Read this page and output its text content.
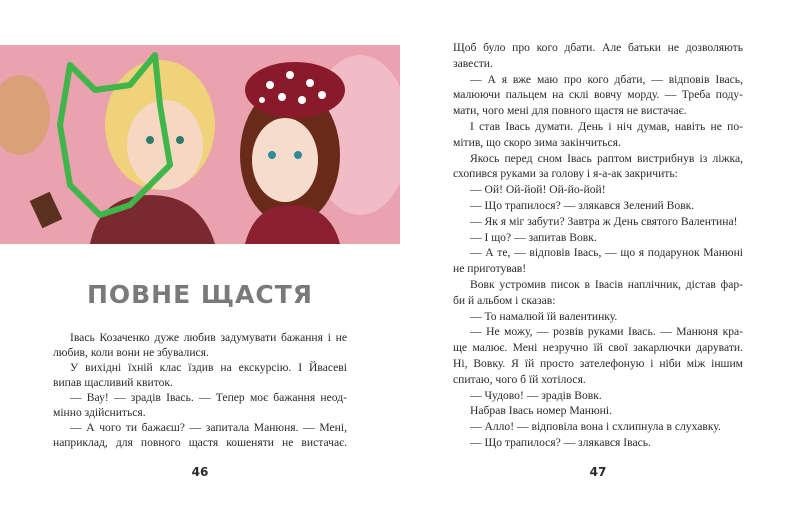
ПОВНЕ ЩАСТЯ
Івась Козаченко дуже любив задумувати бажання і не
любив, коли вони не збувалися.
У вихідні їхній клас їздив на екскурсію. І Йвасеві
випав щасливий квиток.
— Вау! — зрадів Івась. — Тепер моє бажання неод-
мінно здійсниться.
— А чого ти бажаєш? — запитала Манюня. — Мені,
наприклад, для повного щастя кошеняти не вистачає.
46
Щоб було про кого дбати. Але батьки не дозволяють
завести.
— А я вже маю про кого дбати, — відповів Івась,
малюючи пальцем на склі вовчу морду. — Треба поду-
мати, чого мені для повного щастя не вистачає.
І став Івась думати. День і ніч думав, навіть не по-
мітив, що скоро зима закінчиться.
Якось перед сном Івась раптом вистрибнув із ліжка,
схопився руками за голову і я-а-ак закричить:
— Ой! Ой-йой! Ой-йо-йой!
— Що трапилося? — злякався Зелений Вовк.
— Як я міг забути? Завтра ж День святого Валентина!
— І що? — запитав Вовк.
— А те, — відповів Івась, — що я подарунок Манюні
не приготував!
Вовк устромив писок в Івасів наплічник, дістав фар-
би й альбом і сказав:
— То намалюй їй валентинку.
— Не можу, — розвів руками Івась. — Манюня кра-
ще малює. Мені незручно їй свої закарлючки дарувати.
Ні, Вовку. Я їй просто зателефоную і ніби між іншим
спитаю, чого б їй хотілося.
— Чудово! — зрадів Вовк.
Набрав Івась номер Манюні.
— Алло! — відповіла вона і схлипнула в слухавку.
— Що трапилося? — злякався Івась.
47
